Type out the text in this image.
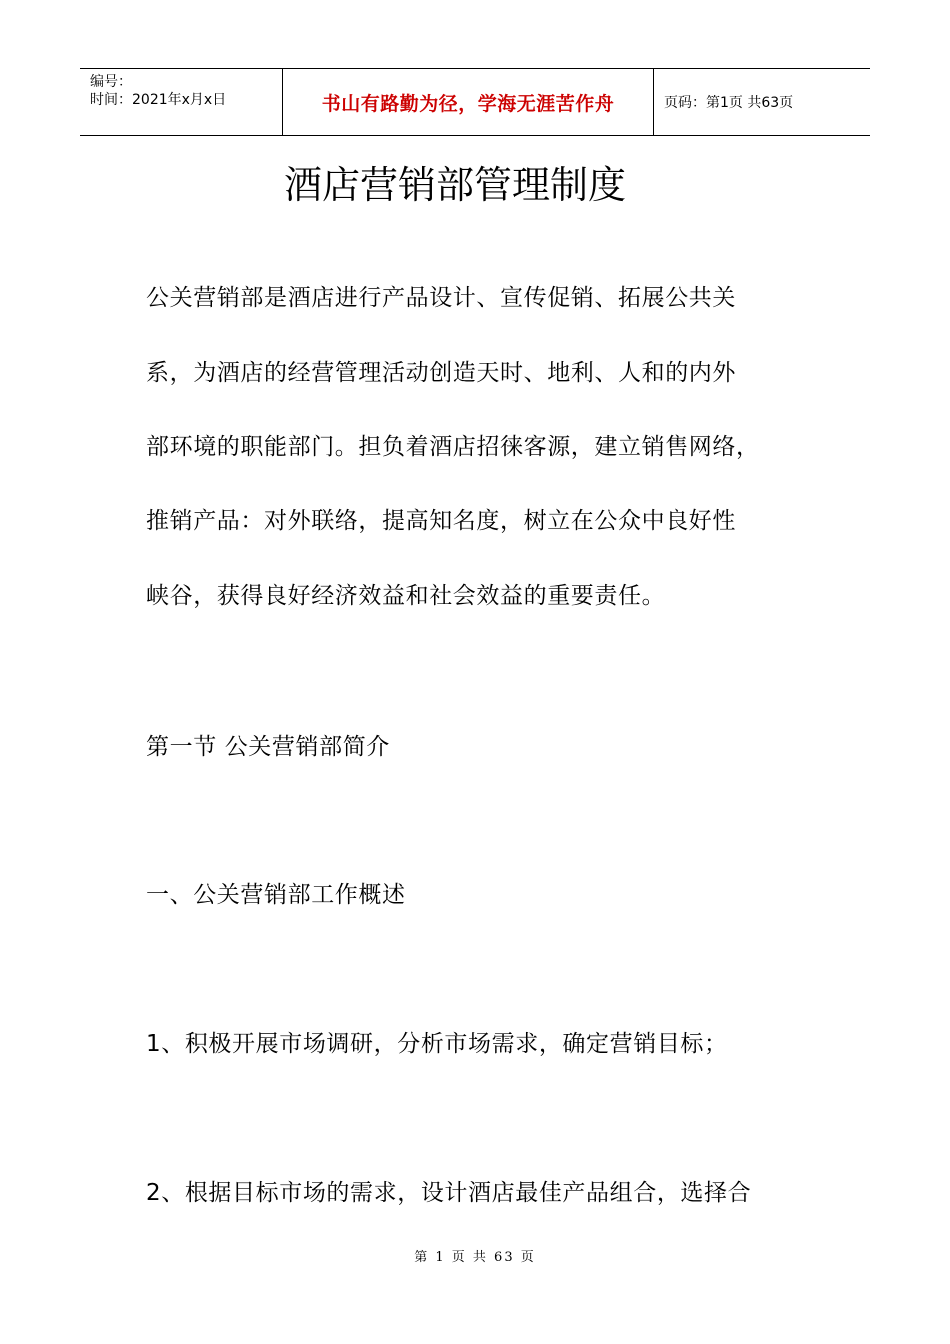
编号：
时间：2021年x月x日	书山有路勤为径，学海无涯苦作舟	页码：第1页 共63页
酒店营销部管理制度
公关营销部是酒店进行产品设计、宣传促销、拓展公共关
系，为酒店的经营管理活动创造天时、地利、人和的内外
部环境的职能部门。担负着酒店招徕客源，建立销售网络，
推销产品：对外联络，提高知名度，树立在公众中良好性
峡谷，获得良好经济效益和社会效益的重要责任。
第一节 公关营销部简介
一、公关营销部工作概述
1、积极开展市场调研，分析市场需求，确定营销目标；
2、根据目标市场的需求，设计酒店最佳产品组合，选择合
第 1 页 共 63 页
